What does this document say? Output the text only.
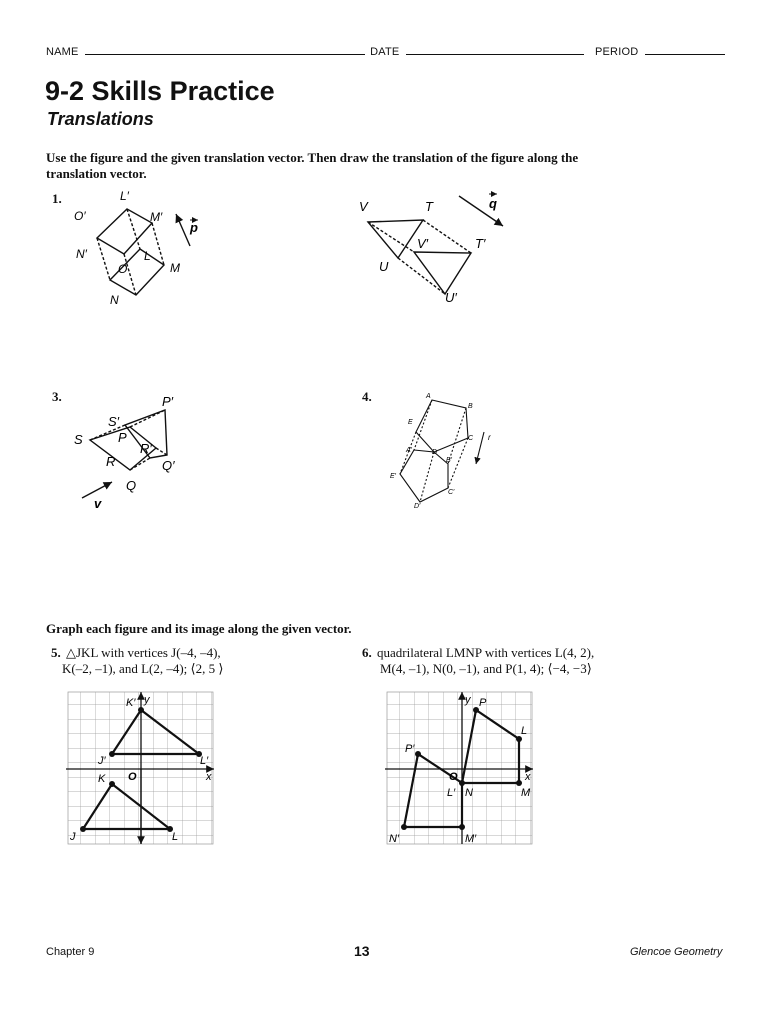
NAME	DATE	PERIOD
9-2 Skills Practice
Translations
Use the figure and the given translation vector. Then draw the translation of the figure along the translation vector.
1.	L′
O′	M′
N′
O
L
M
N
p
V	T
V′	T′
U
U′
q
3.	P′
S′
S	P
R′
R	Q′
Q
v
4.	A
B
E
C
A′	D
B′
E′
C′
D′
r
Graph each figure and its image along the given vector.
5. △JKL with vertices J(–4, –4),
K(–2, –1), and L(2, –4); ⟨2, 5 ⟩
6. quadrilateral LMNP with vertices L(4, 2),
M(4, –1), N(0, –1), and P(1, 4); ⟨−4, −3⟩
K′ y
J′	L′
K O	x
J	L
y P
L
P′
O	x
L′ N	M
N′	M′
Chapter 9	13	Glencoe Geometry
